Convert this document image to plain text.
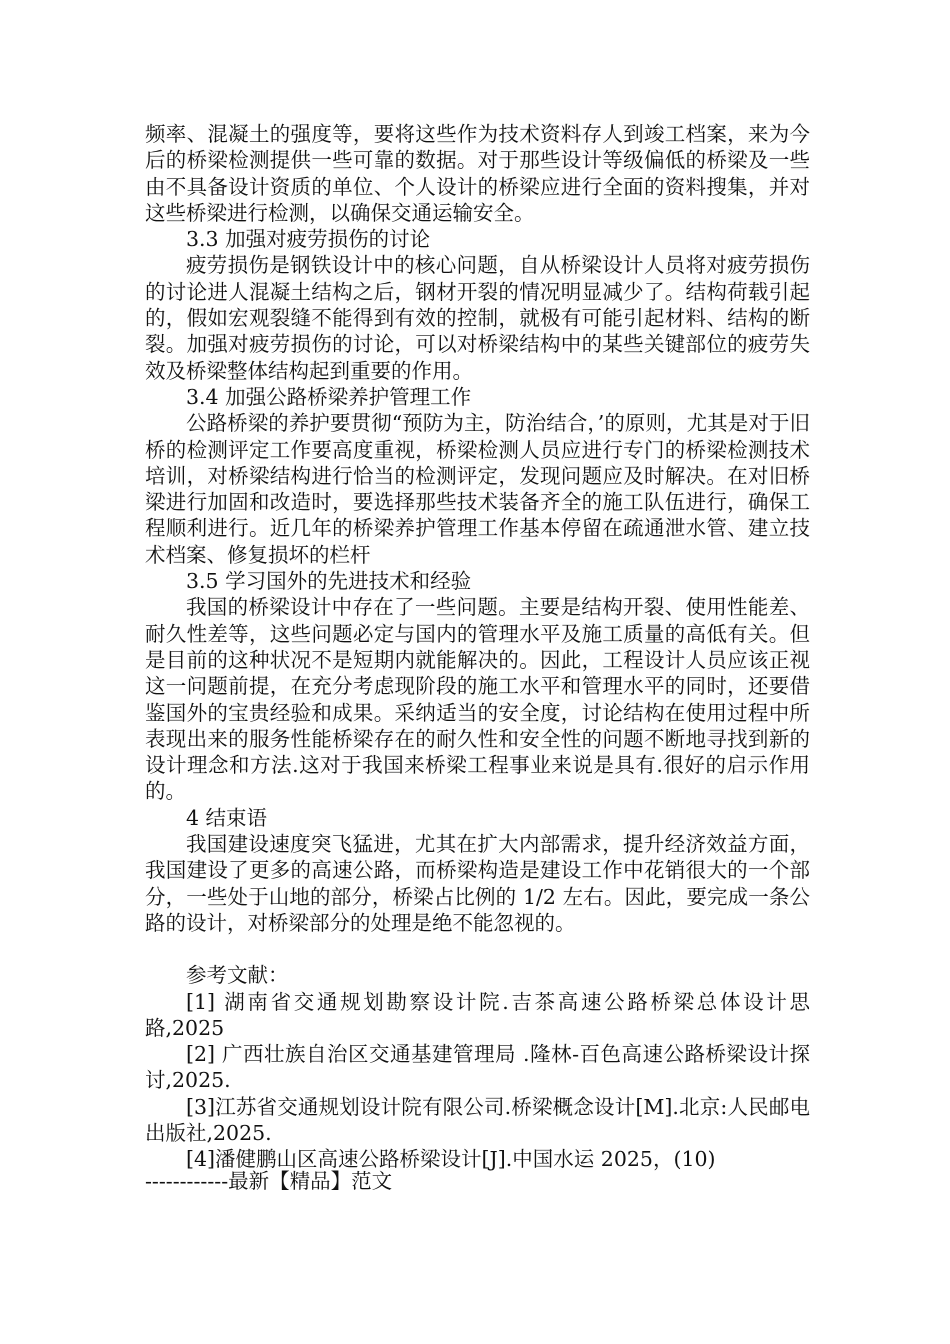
频率、混凝土的强度等，要将这些作为技术资料存人到竣工档案，来为今后的桥梁检测提供一些可靠的数据。对于那些设计等级偏低的桥梁及一些由不具备设计资质的单位、个人设计的桥梁应进行全面的资料搜集，并对这些桥梁进行检测，以确保交通运输安全。

3.3 加强对疲劳损伤的讨论

疲劳损伤是钢铁设计中的核心问题，自从桥梁设计人员将对疲劳损伤的讨论进人混凝土结构之后，钢材开裂的情况明显减少了。结构荷载引起的，假如宏观裂缝不能得到有效的控制，就极有可能引起材料、结构的断裂。加强对疲劳损伤的讨论，可以对桥梁结构中的某些关键部位的疲劳失效及桥梁整体结构起到重要的作用。

3.4 加强公路桥梁养护管理工作

公路桥梁的养护要贯彻“预防为主，防治结合，’的原则，尤其是对于旧桥的检测评定工作要高度重视，桥梁检测人员应进行专门的桥梁检测技术培训，对桥梁结构进行恰当的检测评定，发现问题应及时解决。在对旧桥梁进行加固和改造时，要选择那些技术装备齐全的施工队伍进行，确保工程顺利进行。近几年的桥梁养护管理工作基本停留在疏通泄水管、建立技术档案、修复损坏的栏杆

3.5 学习国外的先进技术和经验

我国的桥梁设计中存在了一些问题。主要是结构开裂、使用性能差、耐久性差等，这些问题必定与国内的管理水平及施工质量的高低有关。但是目前的这种状况不是短期内就能解决的。因此，工程设计人员应该正视这一问题前提，在充分考虑现阶段的施工水平和管理水平的同时，还要借鉴国外的宝贵经验和成果。采纳适当的安全度，讨论结构在使用过程中所表现出来的服务性能桥梁存在的耐久性和安全性的问题不断地寻找到新的设计理念和方法.这对于我国来桥梁工程事业来说是具有.很好的启示作用的。

4 结束语

我国建设速度突飞猛进，尤其在扩大内部需求，提升经济效益方面，我国建设了更多的高速公路，而桥梁构造是建设工作中花销很大的一个部分，一些处于山地的部分，桥梁占比例的 1/2 左右。因此，要完成一条公路的设计，对桥梁部分的处理是绝不能忽视的。

参考文献：

[1] 湖南省交通规划勘察设计院.吉茶高速公路桥梁总体设计思路,2025

[2] 广西壮族自治区交通基建管理局 .隆林-百色高速公路桥梁设计探讨,2025.

[3]江苏省交通规划设计院有限公司.桥梁概念设计[M].北京:人民邮电出版社,2025.

[4]潘健鹏山区高速公路桥梁设计[J].中国水运 2025，(10)

------------最新【精品】范文
